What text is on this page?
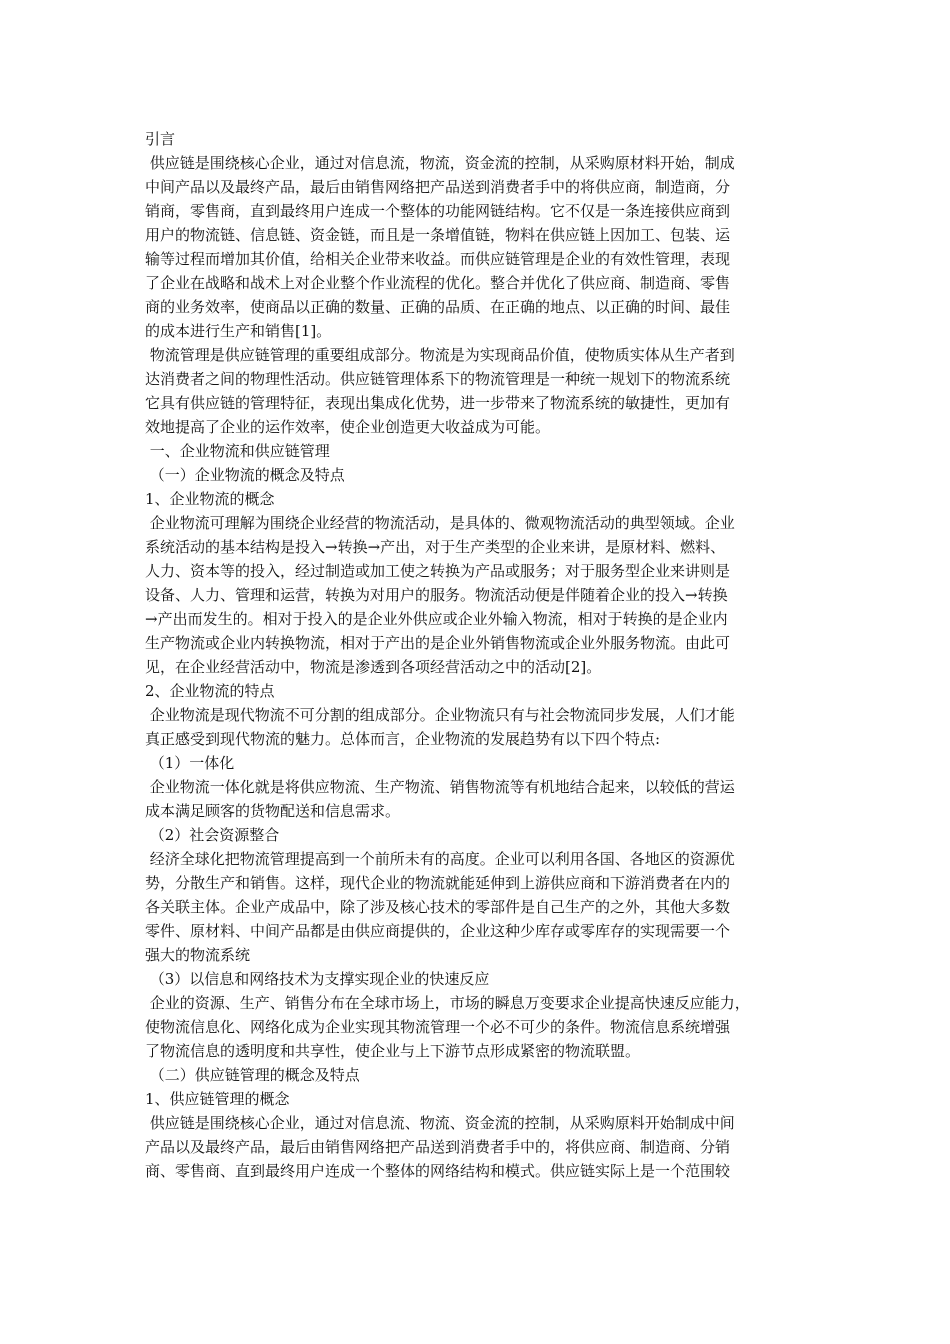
引言
供应链是围绕核心企业，通过对信息流，物流，资金流的控制，从采购原材料开始，制成
中间产品以及最终产品，最后由销售网络把产品送到消费者手中的将供应商，制造商，分
销商，零售商，直到最终用户连成一个整体的功能网链结构。它不仅是一条连接供应商到
用户的物流链、信息链、资金链，而且是一条增值链，物料在供应链上因加工、包装、运
输等过程而增加其价值，给相关企业带来收益。而供应链管理是企业的有效性管理，表现
了企业在战略和战术上对企业整个作业流程的优化。整合并优化了供应商、制造商、零售
商的业务效率，使商品以正确的数量、正确的品质、在正确的地点、以正确的时间、最佳
的成本进行生产和销售[1]。
物流管理是供应链管理的重要组成部分。物流是为实现商品价值，使物质实体从生产者到
达消费者之间的物理性活动。供应链管理体系下的物流管理是一种统一规划下的物流系统
它具有供应链的管理特征，表现出集成化优势，进一步带来了物流系统的敏捷性，更加有
效地提高了企业的运作效率，使企业创造更大收益成为可能。
一、企业物流和供应链管理
（一）企业物流的概念及特点
1、企业物流的概念
企业物流可理解为围绕企业经营的物流活动，是具体的、微观物流活动的典型领域。企业
系统活动的基本结构是投入→转换→产出，对于生产类型的企业来讲，是原材料、燃料、
人力、资本等的投入，经过制造或加工使之转换为产品或服务；对于服务型企业来讲则是
设备、人力、管理和运营，转换为对用户的服务。物流活动便是伴随着企业的投入→转换
→产出而发生的。相对于投入的是企业外供应或企业外输入物流，相对于转换的是企业内
生产物流或企业内转换物流，相对于产出的是企业外销售物流或企业外服务物流。由此可
见，在企业经营活动中，物流是渗透到各项经营活动之中的活动[2]。
2、企业物流的特点
企业物流是现代物流不可分割的组成部分。企业物流只有与社会物流同步发展，人们才能
真正感受到现代物流的魅力。总体而言，企业物流的发展趋势有以下四个特点:
（1）一体化
企业物流一体化就是将供应物流、生产物流、销售物流等有机地结合起来，以较低的营运
成本满足顾客的货物配送和信息需求。
（2）社会资源整合
经济全球化把物流管理提高到一个前所未有的高度。企业可以利用各国、各地区的资源优
势，分散生产和销售。这样，现代企业的物流就能延伸到上游供应商和下游消费者在内的
各关联主体。企业产成品中，除了涉及核心技术的零部件是自己生产的之外，其他大多数
零件、原材料、中间产品都是由供应商提供的，企业这种少库存或零库存的实现需要一个
强大的物流系统
（3）以信息和网络技术为支撑实现企业的快速反应
企业的资源、生产、销售分布在全球市场上，市场的瞬息万变要求企业提高快速反应能力，
使物流信息化、网络化成为企业实现其物流管理一个必不可少的条件。物流信息系统增强
了物流信息的透明度和共享性，使企业与上下游节点形成紧密的物流联盟。
（二）供应链管理的概念及特点
1、供应链管理的概念
供应链是围绕核心企业，通过对信息流、物流、资金流的控制，从采购原料开始制成中间
产品以及最终产品，最后由销售网络把产品送到消费者手中的，将供应商、制造商、分销
商、零售商、直到最终用户连成一个整体的网络结构和模式。供应链实际上是一个范围较
